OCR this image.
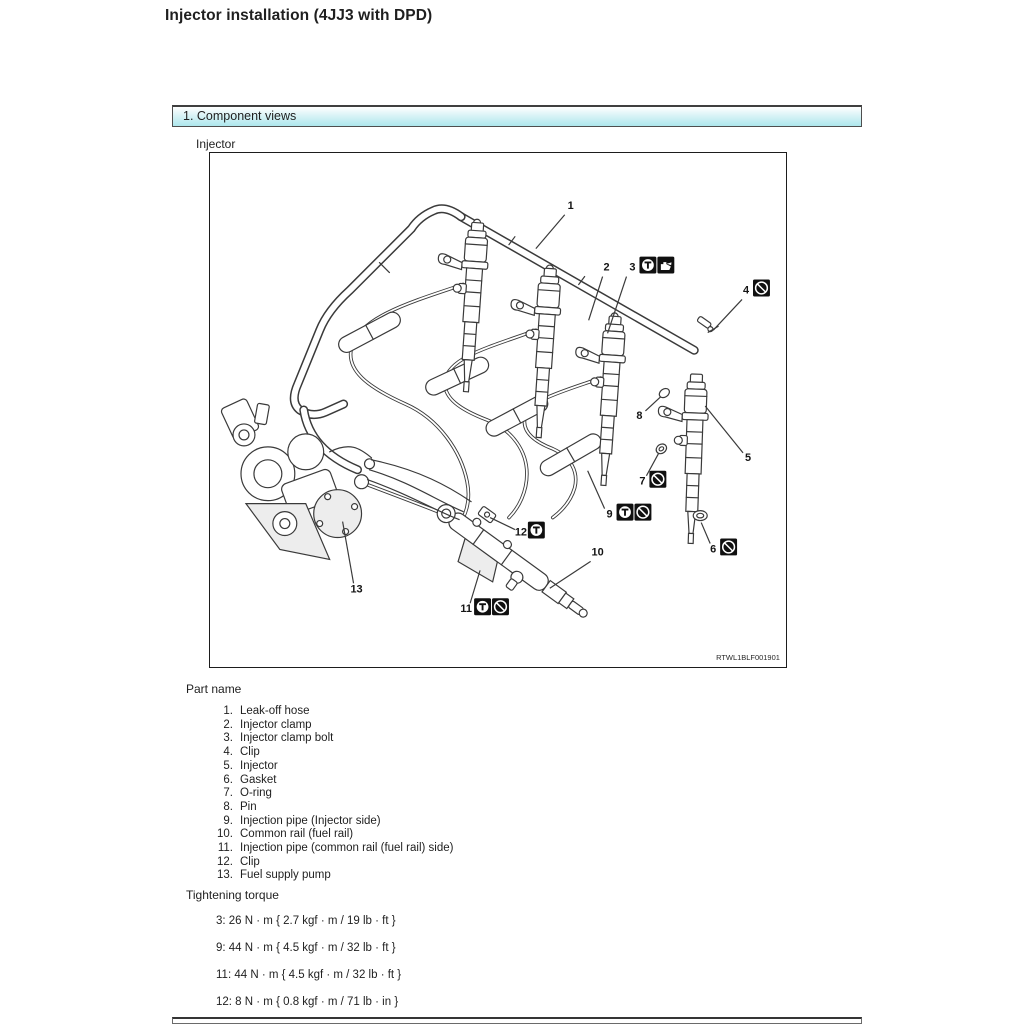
Injector installation (4JJ3 with DPD)
1. Component views
Injector
1
2 3
4
5
6
7
8
9
10
11
12
13
RTWL1BLF001901
Part name
1. Leak-off hose
2. Injector clamp
3. Injector clamp bolt
4. Clip
5. Injector
6. Gasket
7. O-ring
8. Pin
9. Injection pipe (Injector side)
10. Common rail (fuel rail)
11. Injection pipe (common rail (fuel rail) side)
12. Clip
13. Fuel supply pump
Tightening torque
3: 26 N · m { 2.7 kgf · m / 19 lb · ft }
9: 44 N · m { 4.5 kgf · m / 32 lb · ft }
11: 44 N · m { 4.5 kgf · m / 32 lb · ft }
12: 8 N · m { 0.8 kgf · m / 71 lb · in }
